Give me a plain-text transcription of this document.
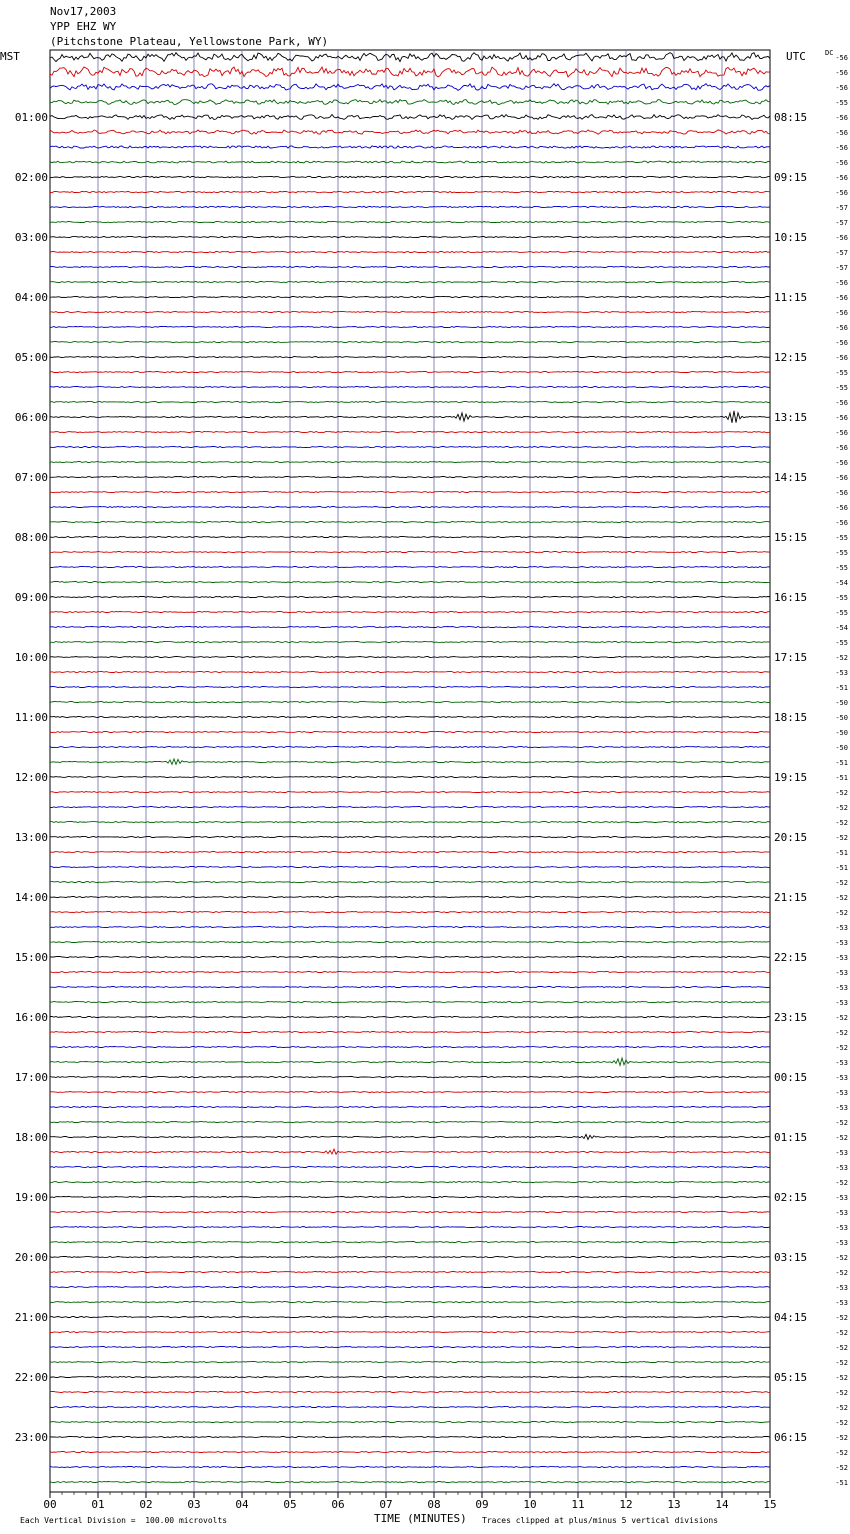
Nov17,2003
YPP EHZ WY
(Pitchstone Plateau, Yellowstone Park, WY)
MST	UTC	DC
00	01	02	03	04	05	06	07	08	09	10	11	12	13	14	15
-56
-56
-56
-55
-56
-56
-56
-56
-56
-56
-57
-57
-56
-57
-57
-56
-56
-56
-56
-56
-56
-55
-55
-56
-56
-56
-56
-56
-56
-56
-56
-56
-55
-55
-55
-54
-55
-55
-54
-55
-52
-53
-51
-50
-50
-50
-50
-51
-51
-52
-52
-52
-52
-51
-51
-52
-52
-52
-53
-53
-53
-53
-53
-53
-52
-52
-52
-53
-53
-53
-53
-52
-52
-53
-53
-52
-53
-53
-53
-53
-52
-52
-53
-53
-52
-52
-52
-52
-52
-52
-52
-52
-52
-52
-52
-51
01:00
02:00
03:00
04:00
05:00
06:00
07:00
08:00
09:00
10:00
11:00
12:00
13:00
14:00
15:00
16:00
17:00
18:00
19:00
20:00
21:00
22:00
23:00
08:15
09:15
10:15
11:15
12:15
13:15
14:15
15:15
16:15
17:15
18:15
19:15
20:15
21:15
22:15
23:15
00:15
01:15
02:15
03:15
04:15
05:15
06:15
Each Vertical Division =  100.00 microvolts	TIME (MINUTES) Traces clipped at plus/minus 5 vertical divisions
